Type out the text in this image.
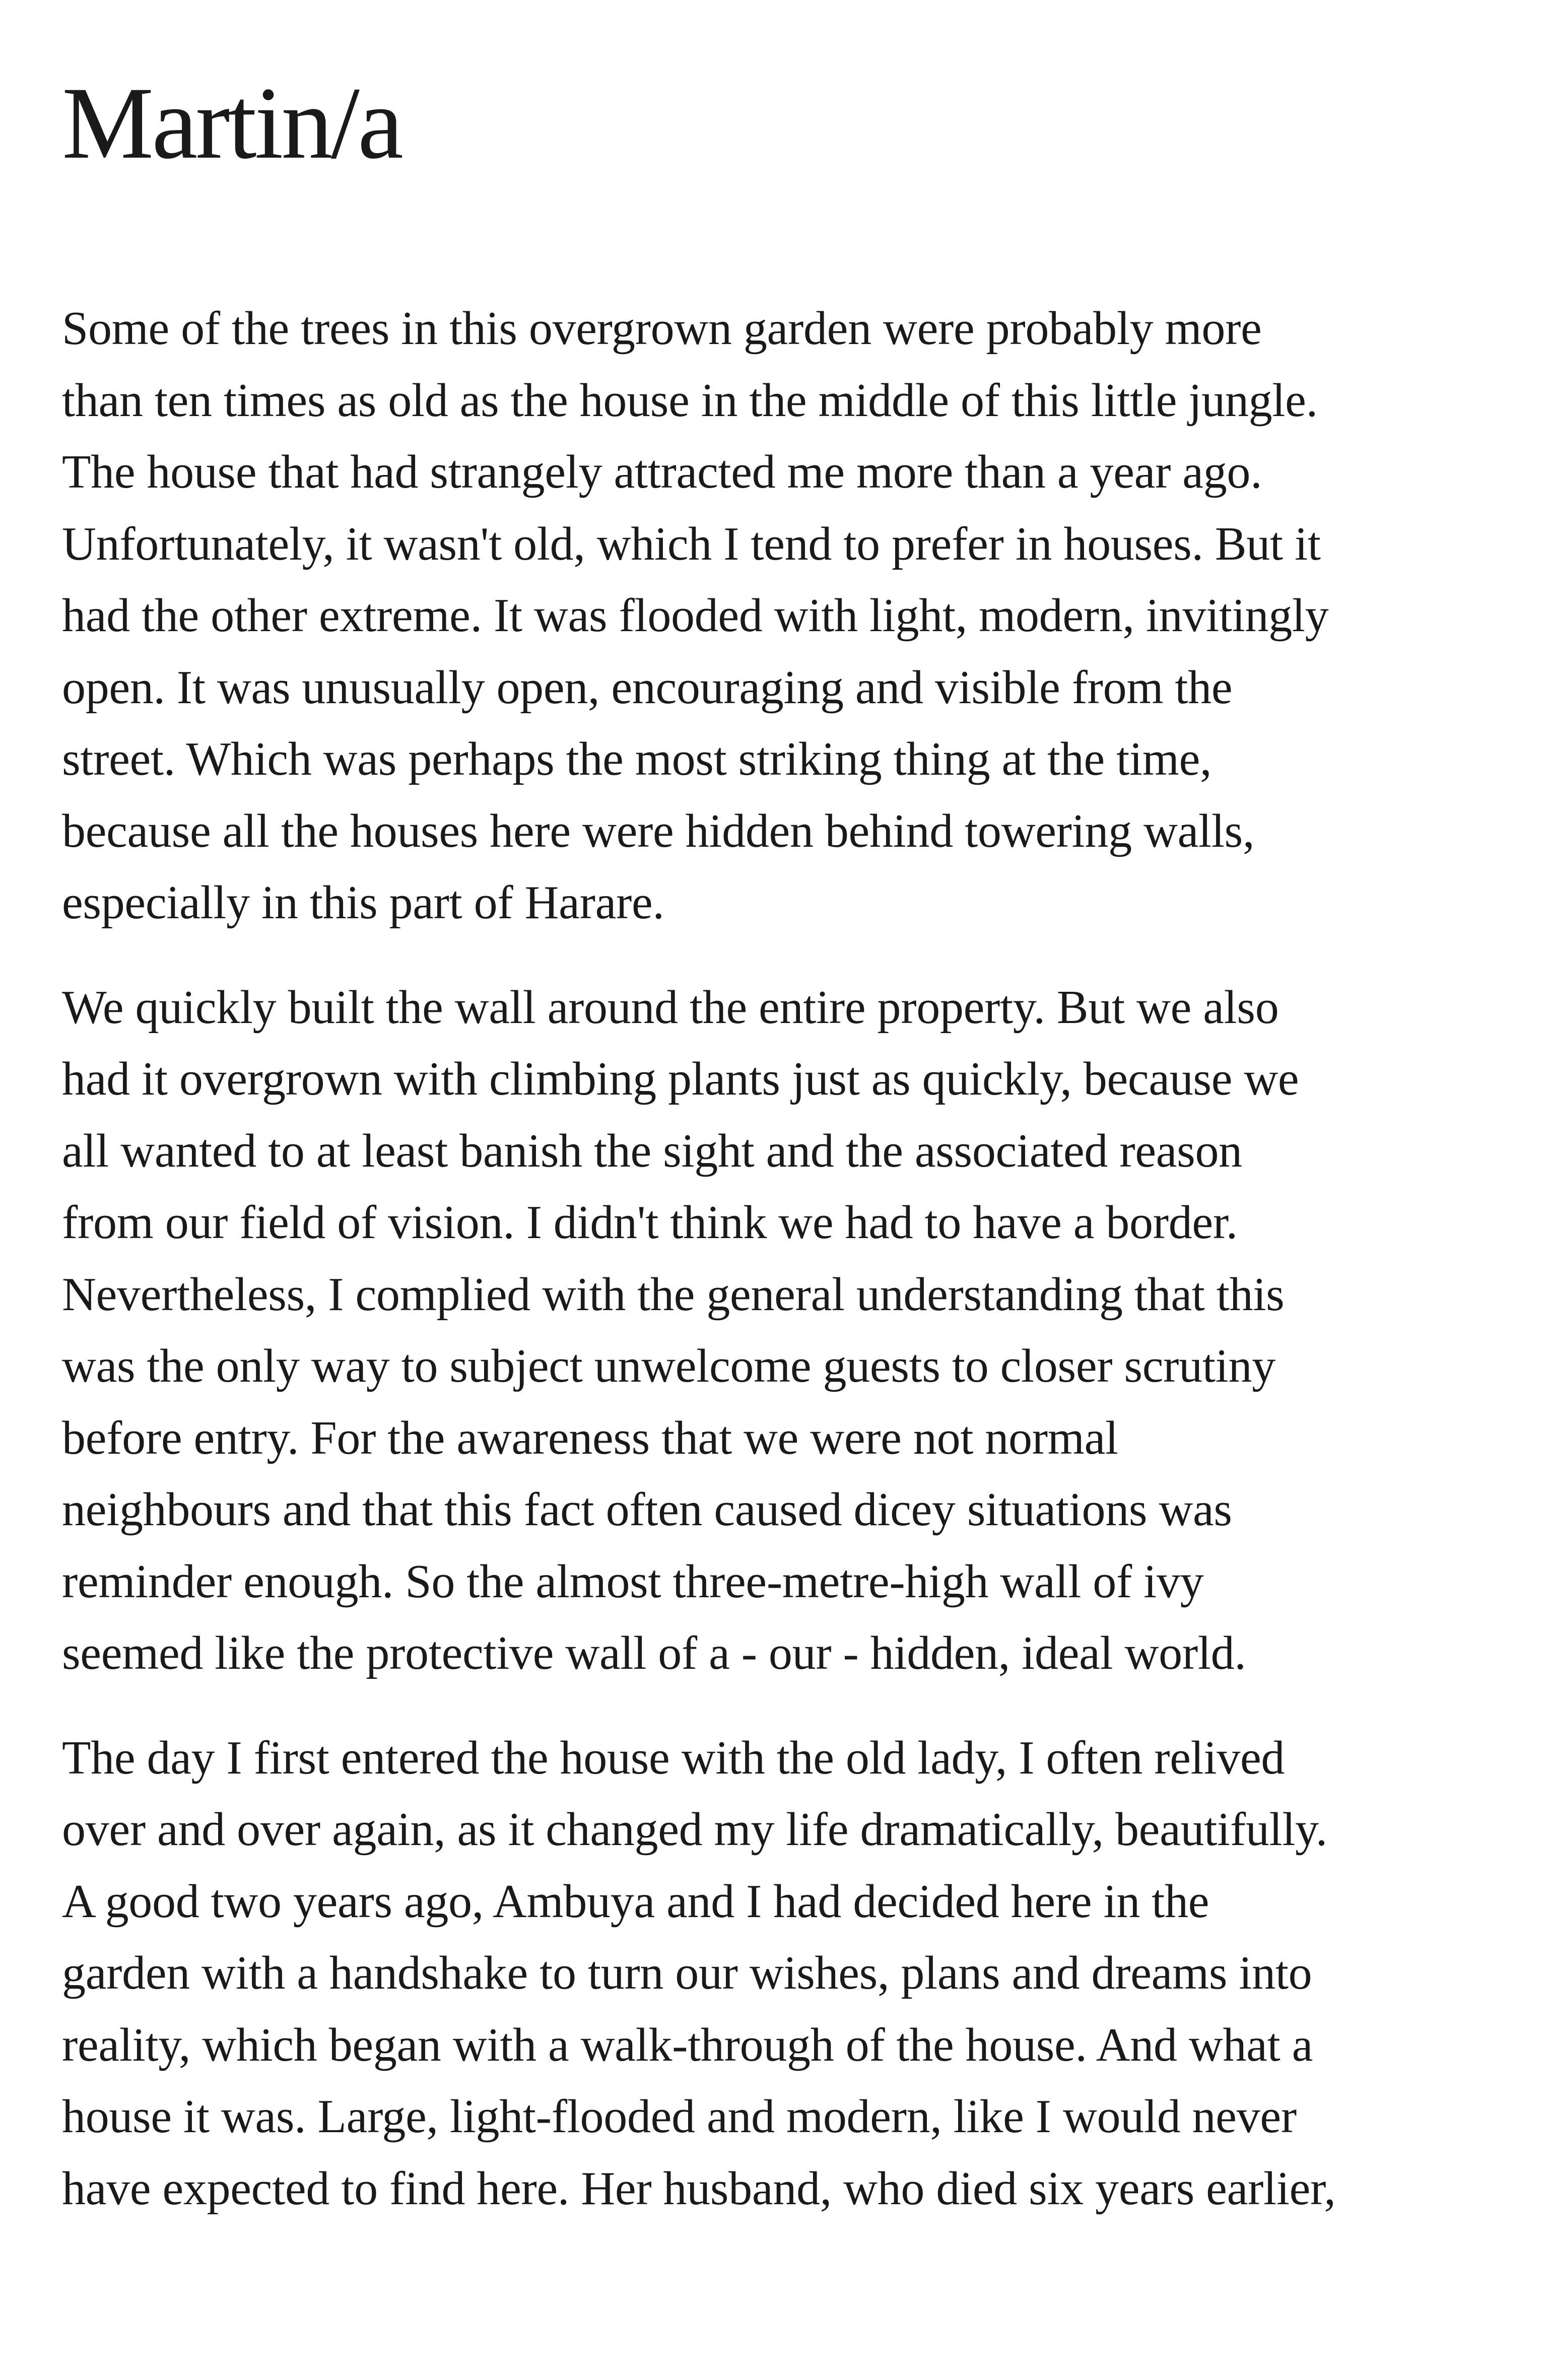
Martin/a

Some of the trees in this overgrown garden were probably more
than ten times as old as the house in the middle of this little jungle.
The house that had strangely attracted me more than a year ago.
Unfortunately, it wasn't old, which I tend to prefer in houses. But it
had the other extreme. It was flooded with light, modern, invitingly
open. It was unusually open, encouraging and visible from the
street. Which was perhaps the most striking thing at the time,
because all the houses here were hidden behind towering walls,
especially in this part of Harare.

We quickly built the wall around the entire property. But we also
had it overgrown with climbing plants just as quickly, because we
all wanted to at least banish the sight and the associated reason
from our field of vision. I didn't think we had to have a border.
Nevertheless, I complied with the general understanding that this
was the only way to subject unwelcome guests to closer scrutiny
before entry. For the awareness that we were not normal
neighbours and that this fact often caused dicey situations was
reminder enough. So the almost three-metre-high wall of ivy
seemed like the protective wall of a - our - hidden, ideal world.

The day I first entered the house with the old lady, I often relived
over and over again, as it changed my life dramatically, beautifully.
A good two years ago, Ambuya and I had decided here in the
garden with a handshake to turn our wishes, plans and dreams into
reality, which began with a walk-through of the house. And what a
house it was. Large, light-flooded and modern, like I would never
have expected to find here. Her husband, who died six years earlier,
